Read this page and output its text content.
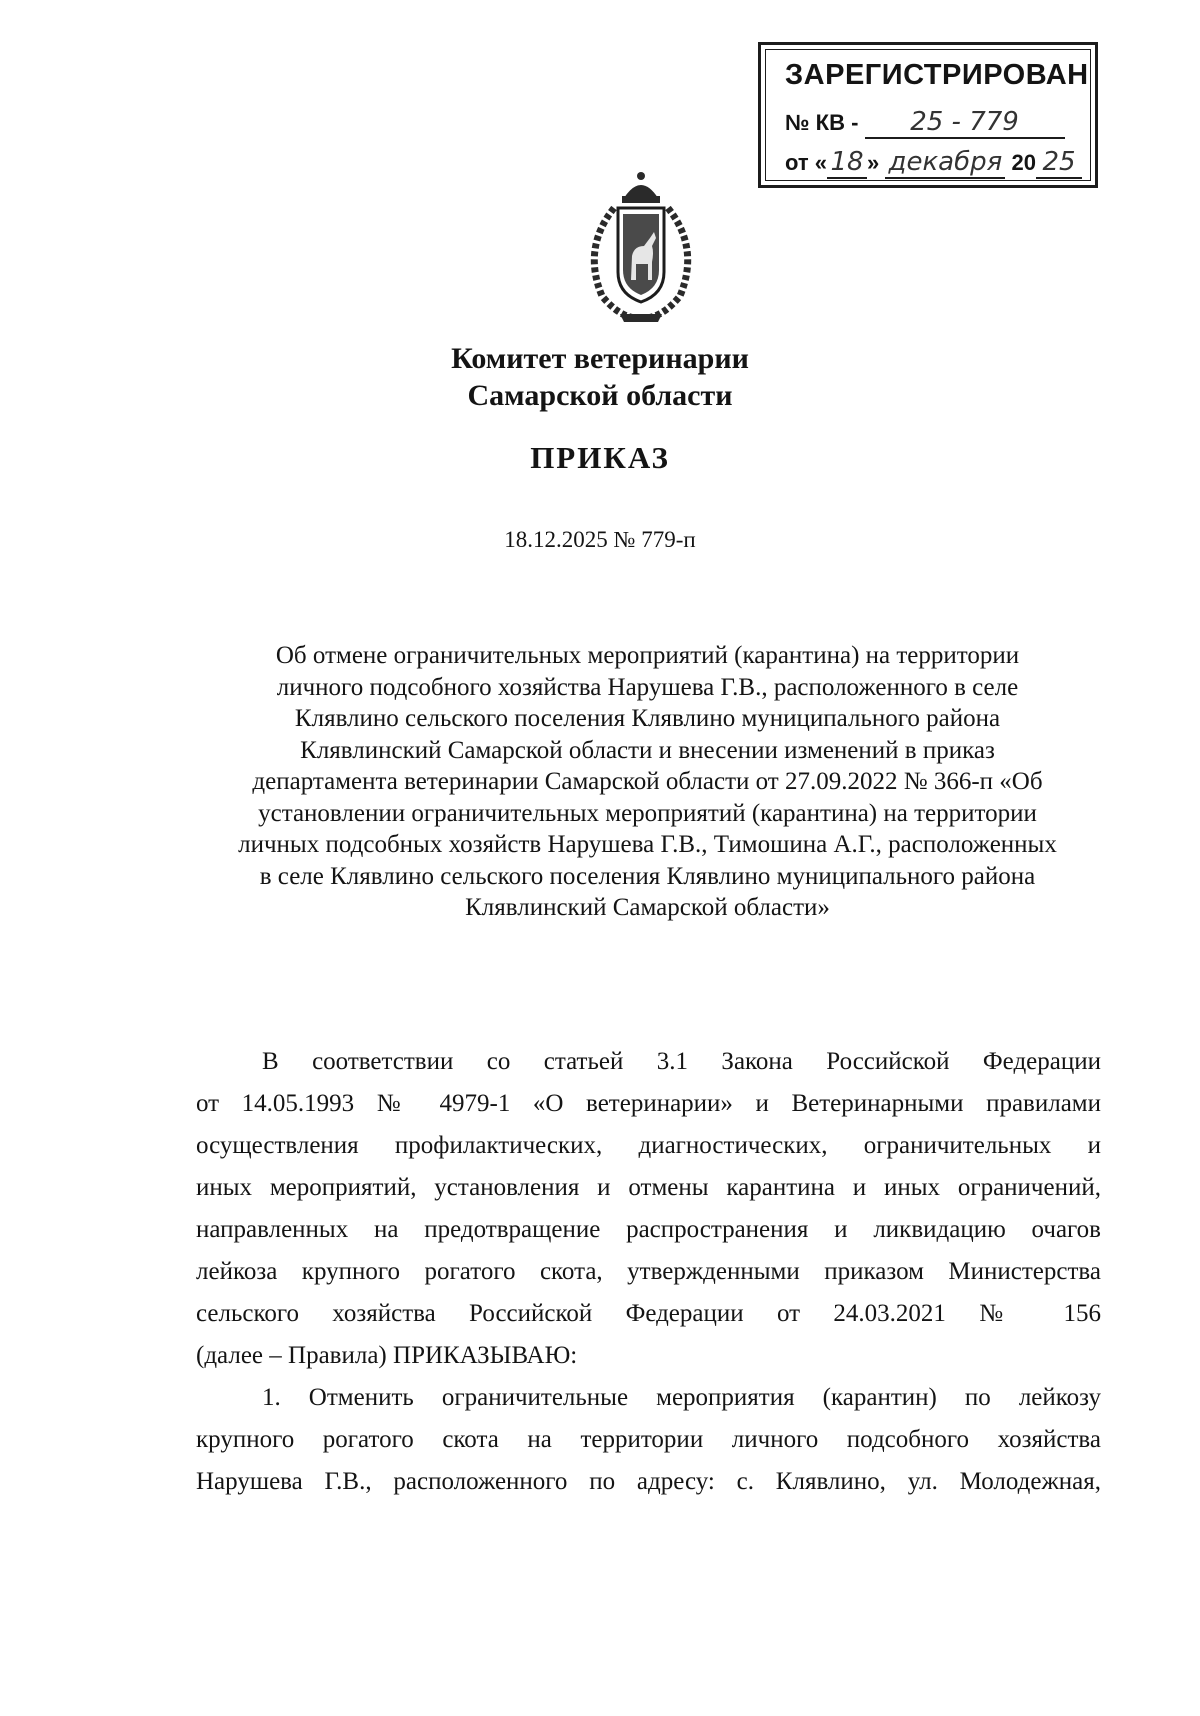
ЗАРЕГИСТРИРОВАН
№ КВ - 25 - 779
от « 18 » декабря 20 25
Комитет ветеринарии
Самарской области
ПРИКАЗ
18.12.2025 № 779-п
Об отмене ограничительных мероприятий (карантина) на территории
личного подсобного хозяйства Нарушева Г.В., расположенного в селе
Клявлино сельского поселения Клявлино муниципального района
Клявлинский Самарской области и внесении изменений в приказ
департамента ветеринарии Самарской области от 27.09.2022 № 366-п «Об
установлении ограничительных мероприятий (карантина) на территории
личных подсобных хозяйств Нарушева Г.В., Тимошина А.Г., расположенных
в селе Клявлино сельского поселения Клявлино муниципального района
Клявлинский Самарской области»
В соответствии со статьей 3.1 Закона Российской Федерации
от 14.05.1993 № 4979-1 «О ветеринарии» и Ветеринарными правилами
осуществления профилактических, диагностических, ограничительных и
иных мероприятий, установления и отмены карантина и иных ограничений,
направленных на предотвращение распространения и ликвидацию очагов
лейкоза крупного рогатого скота, утвержденными приказом Министерства
сельского хозяйства Российской Федерации от 24.03.2021 № 156
(далее – Правила) ПРИКАЗЫВАЮ:
1. Отменить ограничительные мероприятия (карантин) по лейкозу
крупного рогатого скота на территории личного подсобного хозяйства
Нарушева Г.В., расположенного по адресу: с. Клявлино, ул. Молодежная,
